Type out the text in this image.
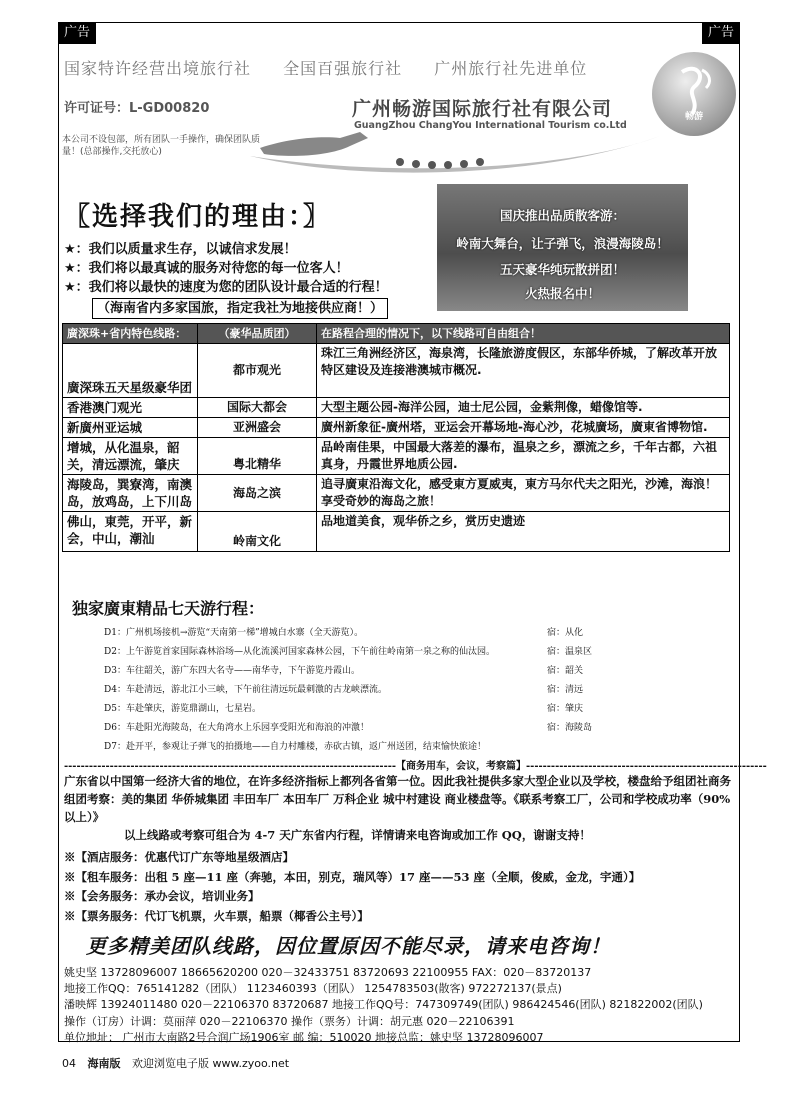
广告	广告
国家特许经营出境旅行社 全国百强旅行社 广州旅行社先进单位
许可证号：L-GD00820	广州畅游国际旅行社有限公司
GuangZhou ChangYou International Tourism co.Ltd
畅游
本公司不设包部，所有团队一手操作，确保团队质量！(总部操作,交托放心)
〖选择我们的理由：〗
★：我们以质量求生存，以诚信求发展！
★：我们将以最真诚的服务对待您的每一位客人！
★：我们将以最快的速度为您的团队设计最合适的行程！
（海南省内多家国旅，指定我社为地接供应商！）
国庆推出品质散客游：
岭南大舞台，让子弹飞，浪漫海陵岛！
五天豪华纯玩散拼团！
火热报名中！
廣深珠+省内特色线路：	（豪华品质团）	在路程合理的情况下，以下线路可自由组合！
廣深珠五天星级豪华团	都市观光	珠江三角洲经济区，海泉湾，长隆旅游度假区，东部华侨城，了解改革开放特区建设及连接港澳城市概况.
香港澳门观光	国际大都会	大型主题公园-海洋公园，迪士尼公园，金紫荆像，蜡像馆等.
新廣州亚运城	亚洲盛会	廣州新象征-廣州塔，亚运会开幕场地-海心沙，花城廣场，廣東省博物馆.
增城，从化温泉，韶关，清远漂流，肇庆	粤北精华	品岭南佳果，中国最大落差的瀑布，温泉之乡，漂流之乡，千年古都，六祖真身，丹霞世界地质公园.
海陵岛，巽寮湾，南澳岛，放鸡岛，上下川岛	海岛之滨	追寻廣東沿海文化，感受東方夏威夷，東方马尔代夫之阳光，沙滩，海浪！享受奇妙的海岛之旅！
佛山，東莞，开平，新会，中山，潮汕	岭南文化	品地道美食，观华侨之乡，赏历史遗迹
独家廣東精品七天游行程：
D1：广州机场接机→游览“天南第一梯”增城白水寨（全天游览）。	宿：从化
D2：上午游览首家国际森林浴场—从化流溪河国家森林公园，下午前往岭南第一泉之称的仙汰园。	宿：温泉区
D3：车往韶关，游广东四大名寺——南华寺，下午游览丹霞山。	宿：韶关
D4：车赴清远，游北江小三峡，下午前往清远玩最刺激的古龙峡漂流。	宿：清远
D5：车赴肇庆，游览鼎湖山，七星岩。	宿：肇庆
D6：车赴阳光海陵岛，在大角湾水上乐园享受阳光和海浪的冲激！	宿：海陵岛
D7：赴开平，参观让子弹飞的拍摄地——自力村雕楼，赤砍古镇，返广州送团，结束愉快旅途！
--------------------------------------------------------------------------------【商务用车，会议，考察篇】----------------------------------------------------------
广东省以中国第一经济大省的地位，在许多经济指标上都列各省第一位。因此我社提供多家大型企业以及学校，楼盘给予组团社商务组团考察：美的集团 华侨城集团 丰田车厂 本田车厂 万科企业 城中村建设 商业楼盘等。《联系考察工厂，公司和学校成功率（90%以上）》
以上线路或考察可组合为 4-7 天广东省内行程，详情请来电咨询或加工作 QQ，谢谢支持！
※【酒店服务：优惠代订广东等地星级酒店】
※【租车服务：出租 5 座—11 座（奔驰，本田，别克，瑞风等）17 座——53 座（全顺，俊威，金龙，宇通）】
※【会务服务：承办会议，培训业务】
※【票务服务：代订飞机票，火车票，船票（椰香公主号）】
更多精美团队线路，因位置原因不能尽录，请来电咨询！
姚史坚 13728096007 18665620200 020－32433751 83720693 22100955 FAX：020－83720137
地接工作QQ：765141282（团队） 1123460393（团队） 1254783503(散客) 972272137(景点)
潘映辉 13924011480 020－22106370 83720687 地接工作QQ号：747309749(团队) 986424546(团队) 821822002(团队)
操作（订房）计调：莫丽萍 020－22106370 操作（票务）计调：胡元惠 020－22106391
单位地址： 广州市大南路2号合润广场1906室 邮 编：510020 地接总监：姚史坚 13728096007
04 海南版 欢迎浏览电子版 www.zyoo.net
